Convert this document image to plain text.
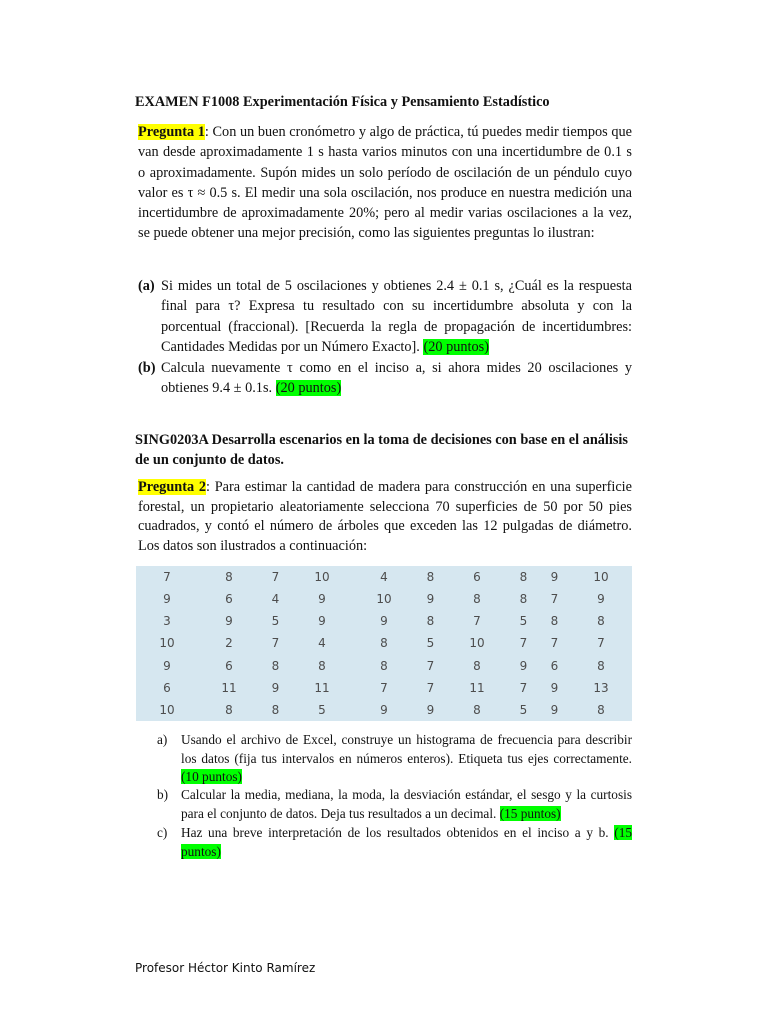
EXAMEN F1008 Experimentación Física y Pensamiento Estadístico
Pregunta 1: Con un buen cronómetro y algo de práctica, tú puedes medir tiempos que van desde aproximadamente 1 s hasta varios minutos con una incertidumbre de 0.1 s o aproximadamente. Supón mides un solo período de oscilación de un péndulo cuyo valor es τ ≈ 0.5 s. El medir una sola oscilación, nos produce en nuestra medición una incertidumbre de aproximadamente 20%; pero al medir varias oscilaciones a la vez, se puede obtener una mejor precisión, como las siguientes preguntas lo ilustran:
(a) Si mides un total de 5 oscilaciones y obtienes 2.4 ± 0.1 s, ¿Cuál es la respuesta final para τ? Expresa tu resultado con su incertidumbre absoluta y con la porcentual (fraccional). [Recuerda la regla de propagación de incertidumbres: Cantidades Medidas por un Número Exacto]. (20 puntos)
(b) Calcula nuevamente τ como en el inciso a, si ahora mides 20 oscilaciones y obtienes 9.4 ± 0.1s. (20 puntos)
SING0203A Desarrolla escenarios en la toma de decisiones con base en el análisis de un conjunto de datos.
Pregunta 2: Para estimar la cantidad de madera para construcción en una superficie forestal, un propietario aleatoriamente selecciona 70 superficies de 50 por 50 pies cuadrados, y contó el número de árboles que exceden las 12 pulgadas de diámetro. Los datos son ilustrados a continuación:
7	8	7	10	4	8	6	8	9	10
9	6	4	9	10	9	8	8	7	9
3	9	5	9	9	8	7	5	8	8
10	2	7	4	8	5	10	7	7	7
9	6	8	8	8	7	8	9	6	8
6	11	9	11	7	7	11	7	9	13
10	8	8	5	9	9	8	5	9	8
a) Usando el archivo de Excel, construye un histograma de frecuencia para describir los datos (fija tus intervalos en números enteros). Etiqueta tus ejes correctamente. (10 puntos)
b) Calcular la media, mediana, la moda, la desviación estándar, el sesgo y la curtosis para el conjunto de datos. Deja tus resultados a un decimal. (15 puntos)
c) Haz una breve interpretación de los resultados obtenidos en el inciso a y b. (15 puntos)
Profesor Héctor Kinto Ramírez
